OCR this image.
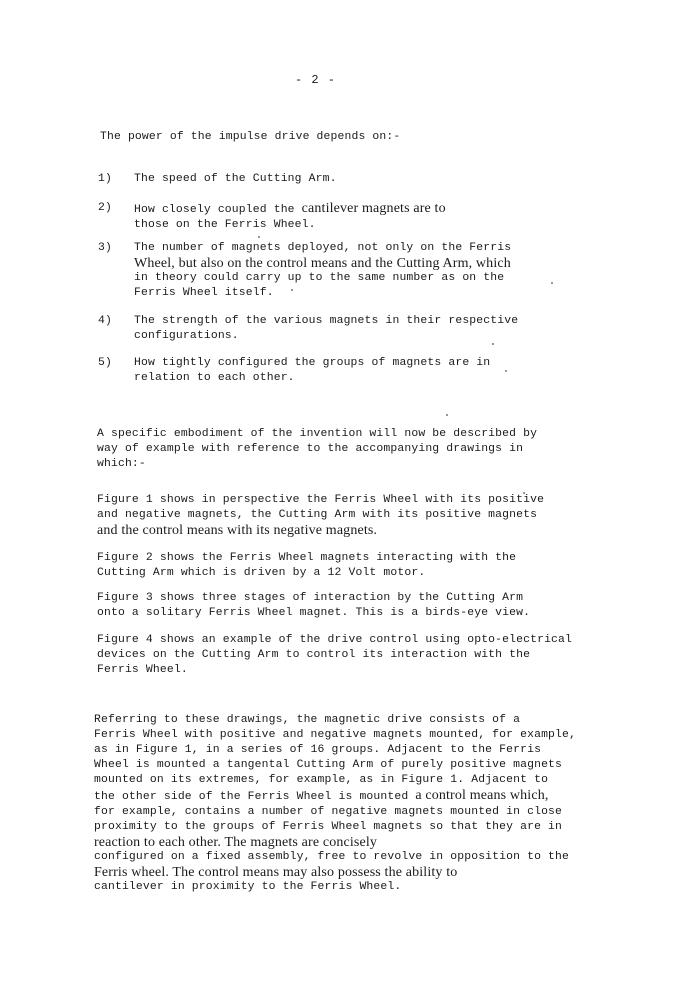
- 2 -
The power of the impulse drive depends on:-
1)	The speed of the Cutting Arm.
2)	How closely coupled the cantilever magnets are to
those on the Ferris Wheel.
3)	The number of magnets deployed, not only on the Ferris
Wheel, but also on the control means and the Cutting Arm, which
in theory could carry up to the same number as on the
Ferris Wheel itself.
4)	The strength of the various magnets in their respective
configurations.
5)	How tightly configured the groups of magnets are in
relation to each other.
A specific embodiment of the invention will now be described by
way of example with reference to the accompanying drawings in
which:-
Figure 1 shows in perspective the Ferris Wheel with its positive
and negative magnets, the Cutting Arm with its positive magnets
and the control means with its negative magnets.
Figure 2 shows the Ferris Wheel magnets interacting with the
Cutting Arm which is driven by a 12 Volt motor.
Figure 3 shows three stages of interaction by the Cutting Arm
onto a solitary Ferris Wheel magnet. This is a birds-eye view.
Figure 4 shows an example of the drive control using opto-electrical
devices on the Cutting Arm to control its interaction with the
Ferris Wheel.
Referring to these drawings, the magnetic drive consists of a
Ferris Wheel with positive and negative magnets mounted, for example,
as in Figure 1, in a series of 16 groups. Adjacent to the Ferris
Wheel is mounted a tangental Cutting Arm of purely positive magnets
mounted on its extremes, for example, as in Figure 1. Adjacent to
the other side of the Ferris Wheel is mounted a control means which,
for example, contains a number of negative magnets mounted in close
proximity to the groups of Ferris Wheel magnets so that they are in
reaction to each other. The magnets are concisely
configured on a fixed assembly, free to revolve in opposition to the
Ferris wheel. The control means may also possess the ability to
cantilever in proximity to the Ferris Wheel.
